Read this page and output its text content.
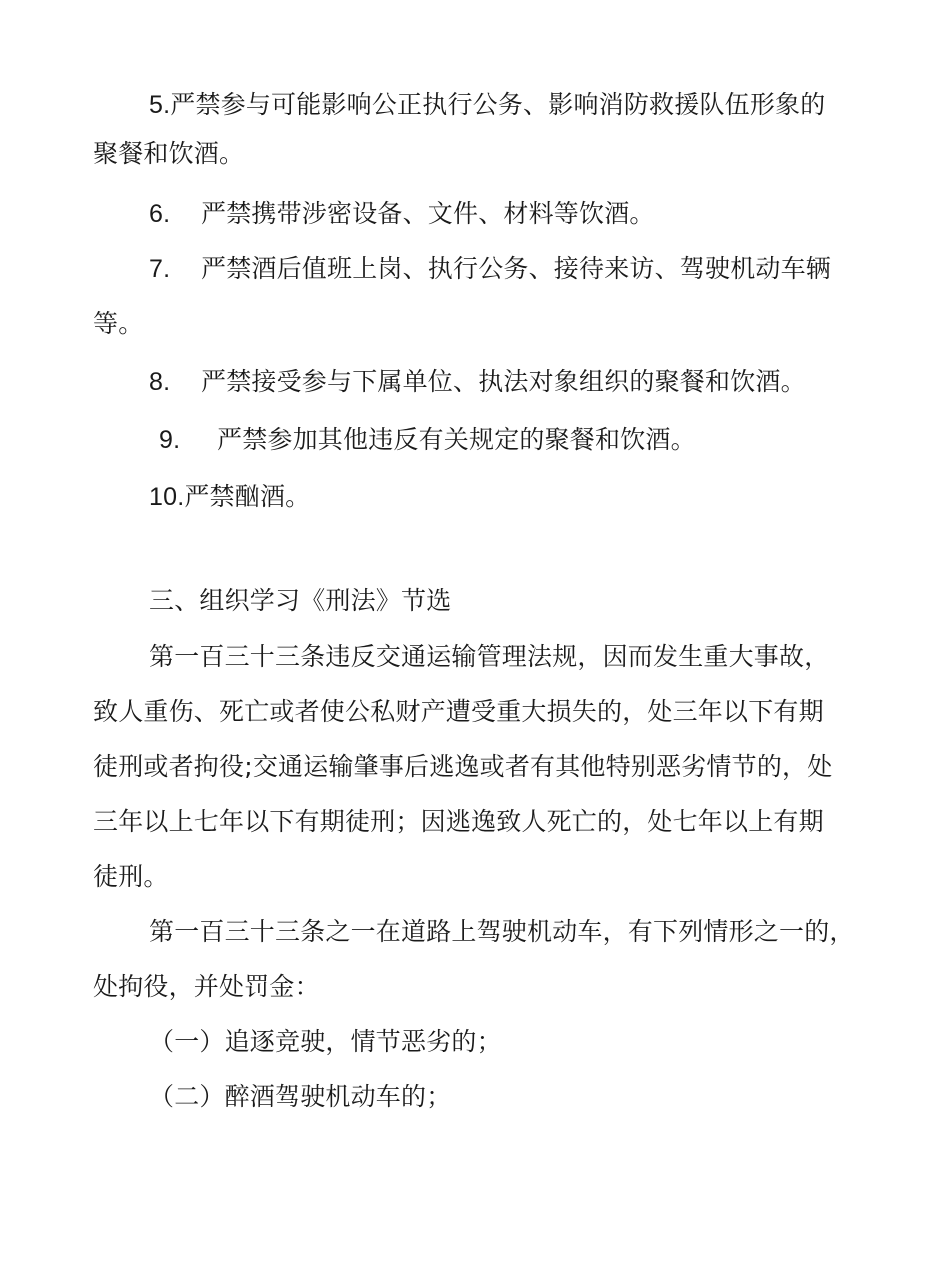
5.严禁参与可能影响公正执行公务、影响消防救援队伍形象的
聚餐和饮酒。
6. 严禁携带涉密设备、文件、材料等饮酒。
7. 严禁酒后值班上岗、执行公务、接待来访、驾驶机动车辆
等。
8. 严禁接受参与下属单位、执法对象组织的聚餐和饮酒。
9. 严禁参加其他违反有关规定的聚餐和饮酒。
10.严禁酗酒。
三、组织学习《刑法》节选
第一百三十三条违反交通运输管理法规，因而发生重大事故，
致人重伤、死亡或者使公私财产遭受重大损失的，处三年以下有期
徒刑或者拘役;交通运输肇事后逃逸或者有其他特别恶劣情节的，处
三年以上七年以下有期徒刑；因逃逸致人死亡的，处七年以上有期
徒刑。
第一百三十三条之一在道路上驾驶机动车，有下列情形之一的，
处拘役，并处罚金：
（一）追逐竞驶，情节恶劣的；
（二）醉酒驾驶机动车的；
